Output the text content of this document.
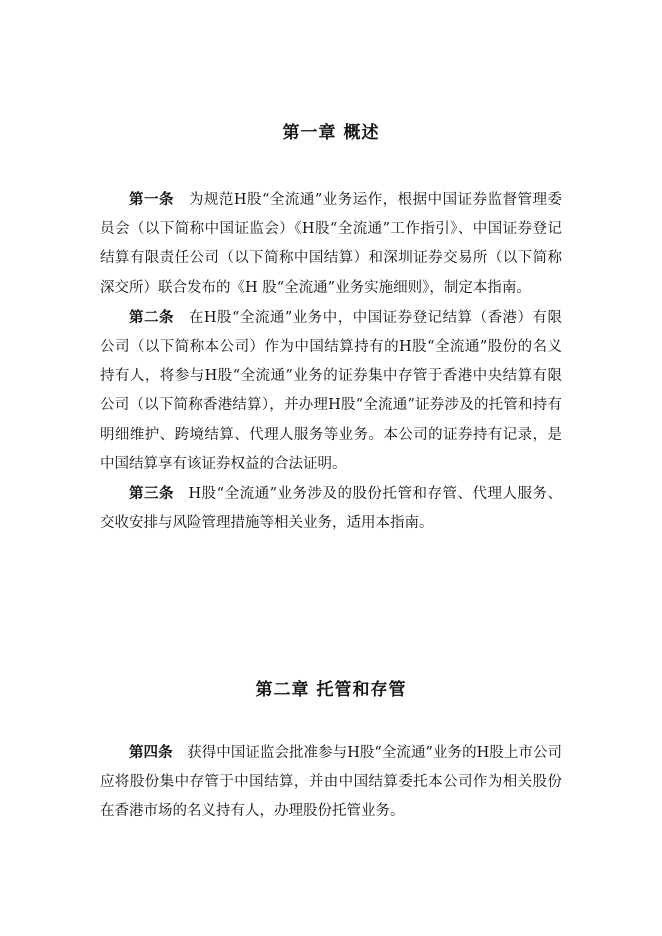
第一章 概述

第一条 为规范H股“全流通”业务运作，根据中国证券监督管理委员会（以下简称中国证监会）《H股“全流通”工作指引》、中国证券登记结算有限责任公司（以下简称中国结算）和深圳证券交易所（以下简称深交所）联合发布的《H 股“全流通”业务实施细则》，制定本指南。

第二条 在H股“全流通”业务中，中国证券登记结算（香港）有限公司（以下简称本公司）作为中国结算持有的H股“全流通”股份的名义持有人，将参与H股“全流通”业务的证券集中存管于香港中央结算有限公司（以下简称香港结算），并办理H股“全流通”证券涉及的托管和持有明细维护、跨境结算、代理人服务等业务。本公司的证券持有记录，是中国结算享有该证券权益的合法证明。

第三条 H股“全流通”业务涉及的股份托管和存管、代理人服务、交收安排与风险管理措施等相关业务，适用本指南。

第二章 托管和存管

第四条 获得中国证监会批准参与H股“全流通”业务的H股上市公司应将股份集中存管于中国结算，并由中国结算委托本公司作为相关股份在香港市场的名义持有人，办理股份托管业务。
